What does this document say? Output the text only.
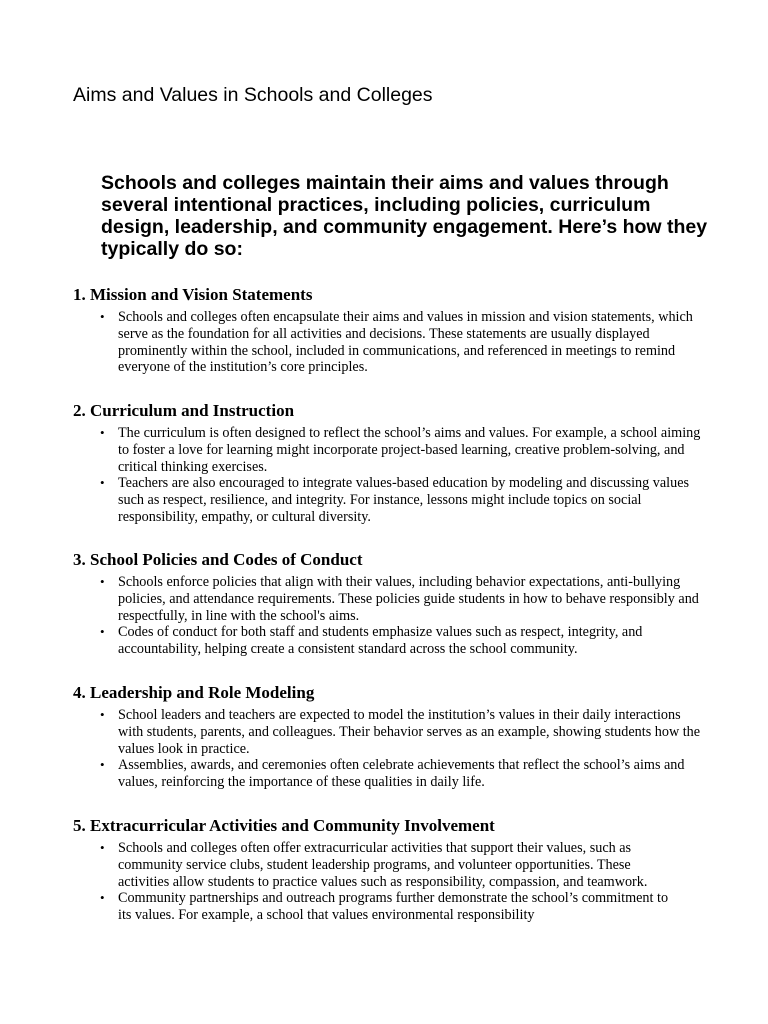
Aims and Values in Schools and Colleges

Schools and colleges maintain their aims and values through several intentional practices, including policies, curriculum design, leadership, and community engagement. Here’s how they typically do so:

1. Mission and Vision Statements
• Schools and colleges often encapsulate their aims and values in mission and vision statements, which serve as the foundation for all activities and decisions. These statements are usually displayed prominently within the school, included in communications, and referenced in meetings to remind everyone of the institution’s core principles.
2. Curriculum and Instruction
• The curriculum is often designed to reflect the school’s aims and values. For example, a school aiming to foster a love for learning might incorporate project-based learning, creative problem-solving, and critical thinking exercises.
• Teachers are also encouraged to integrate values-based education by modeling and discussing values such as respect, resilience, and integrity. For instance, lessons might include topics on social responsibility, empathy, or cultural diversity.
3. School Policies and Codes of Conduct
• Schools enforce policies that align with their values, including behavior expectations, anti-bullying policies, and attendance requirements. These policies guide students in how to behave responsibly and respectfully, in line with the school's aims.
• Codes of conduct for both staff and students emphasize values such as respect, integrity, and accountability, helping create a consistent standard across the school community.
4. Leadership and Role Modeling
• School leaders and teachers are expected to model the institution’s values in their daily interactions with students, parents, and colleagues. Their behavior serves as an example, showing students how the values look in practice.
• Assemblies, awards, and ceremonies often celebrate achievements that reflect the school’s aims and values, reinforcing the importance of these qualities in daily life.
5. Extracurricular Activities and Community Involvement
• Schools and colleges often offer extracurricular activities that support their values, such as community service clubs, student leadership programs, and volunteer opportunities. These activities allow students to practice values such as responsibility, compassion, and teamwork.
• Community partnerships and outreach programs further demonstrate the school’s commitment to its values. For example, a school that values environmental responsibility
